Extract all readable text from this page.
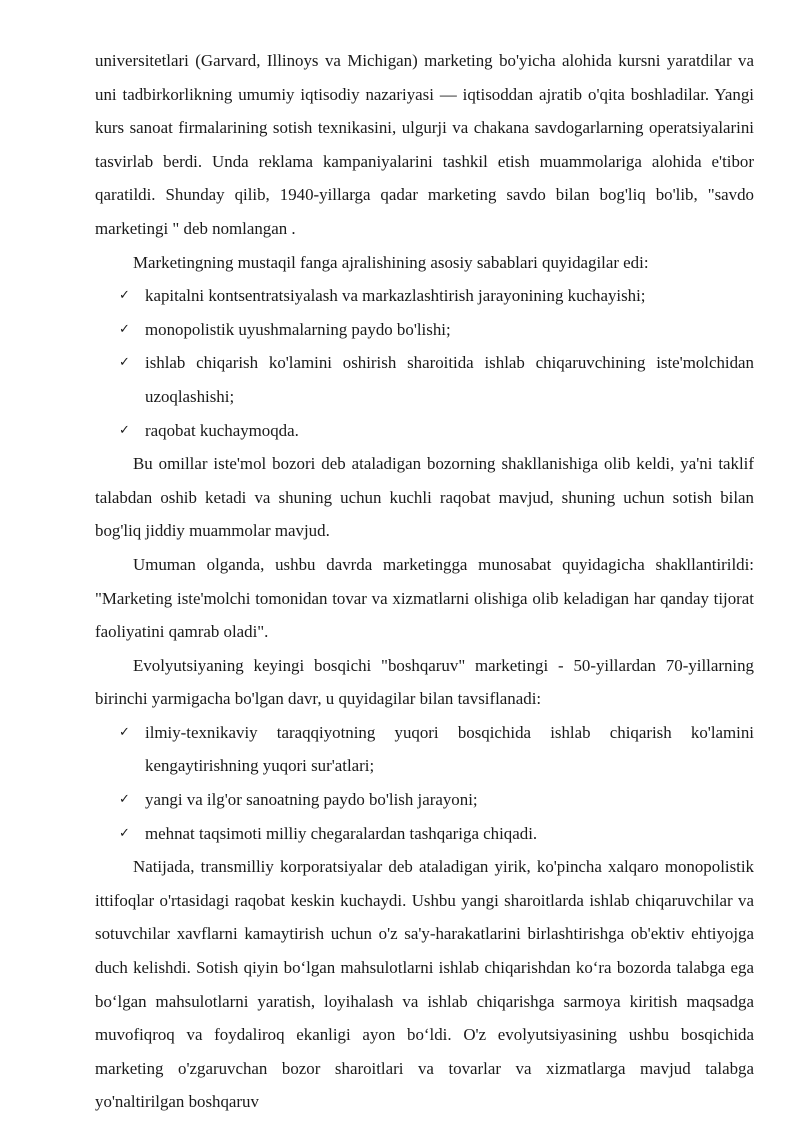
universitetlari (Garvard, Illinoys va Michigan) marketing bo'yicha alohida kursni yaratdilar va uni tadbirkorlikning umumiy iqtisodiy nazariyasi — iqtisoddan ajratib o'qita boshladilar. Yangi kurs sanoat firmalarining sotish texnikasini, ulgurji va chakana savdogarlarning operatsiyalarini tasvirlab berdi. Unda reklama kampaniyalarini tashkil etish muammolariga alohida e'tibor qaratildi. Shunday qilib, 1940-yillarga qadar marketing savdo bilan bog'liq bo'lib, "savdo marketingi " deb nomlangan .

Marketingning mustaqil fanga ajralishining asosiy sabablari quyidagilar edi:

✓ kapitalni kontsentratsiyalash va markazlashtirish jarayonining kuchayishi;
✓ monopolistik uyushmalarning paydo bo'lishi;
✓ ishlab chiqarish ko'lamini oshirish sharoitida ishlab chiqaruvchining iste'molchidan uzoqlashishi;
✓ raqobat kuchaymoqda.

Bu omillar iste'mol bozori deb ataladigan bozorning shakllanishiga olib keldi, ya'ni taklif talabdan oshib ketadi va shuning uchun kuchli raqobat mavjud, shuning uchun sotish bilan bog'liq jiddiy muammolar mavjud.

Umuman olganda, ushbu davrda marketingga munosabat quyidagicha shakllantirildi: "Marketing iste'molchi tomonidan tovar va xizmatlarni olishiga olib keladigan har qanday tijorat faoliyatini qamrab oladi".

Evolyutsiyaning keyingi bosqichi "boshqaruv" marketingi - 50-yillardan 70-yillarning birinchi yarmigacha bo'lgan davr, u quyidagilar bilan tavsiflanadi:

✓ ilmiy-texnikaviy taraqqiyotning yuqori bosqichida ishlab chiqarish ko'lamini kengaytirishning yuqori sur'atlari;
✓ yangi va ilg'or sanoatning paydo bo'lish jarayoni;
✓ mehnat taqsimoti milliy chegaralardan tashqariga chiqadi.

Natijada, transmilliy korporatsiyalar deb ataladigan yirik, ko'pincha xalqaro monopolistik ittifoqlar o'rtasidagi raqobat keskin kuchaydi. Ushbu yangi sharoitlarda ishlab chiqaruvchilar va sotuvchilar xavflarni kamaytirish uchun o'z sa'y-harakatlarini birlashtirishga ob'ektiv ehtiyojga duch kelishdi. Sotish qiyin bo‘lgan mahsulotlarni ishlab chiqarishdan ko‘ra bozorda talabga ega bo‘lgan mahsulotlarni yaratish, loyihalash va ishlab chiqarishga sarmoya kiritish maqsadga muvofiqroq va foydaliroq ekanligi ayon bo‘ldi. O'z evolyutsiyasining ushbu bosqichida marketing o'zgaruvchan bozor sharoitlari va tovarlar va xizmatlarga mavjud talabga yo'naltirilgan boshqaruv
